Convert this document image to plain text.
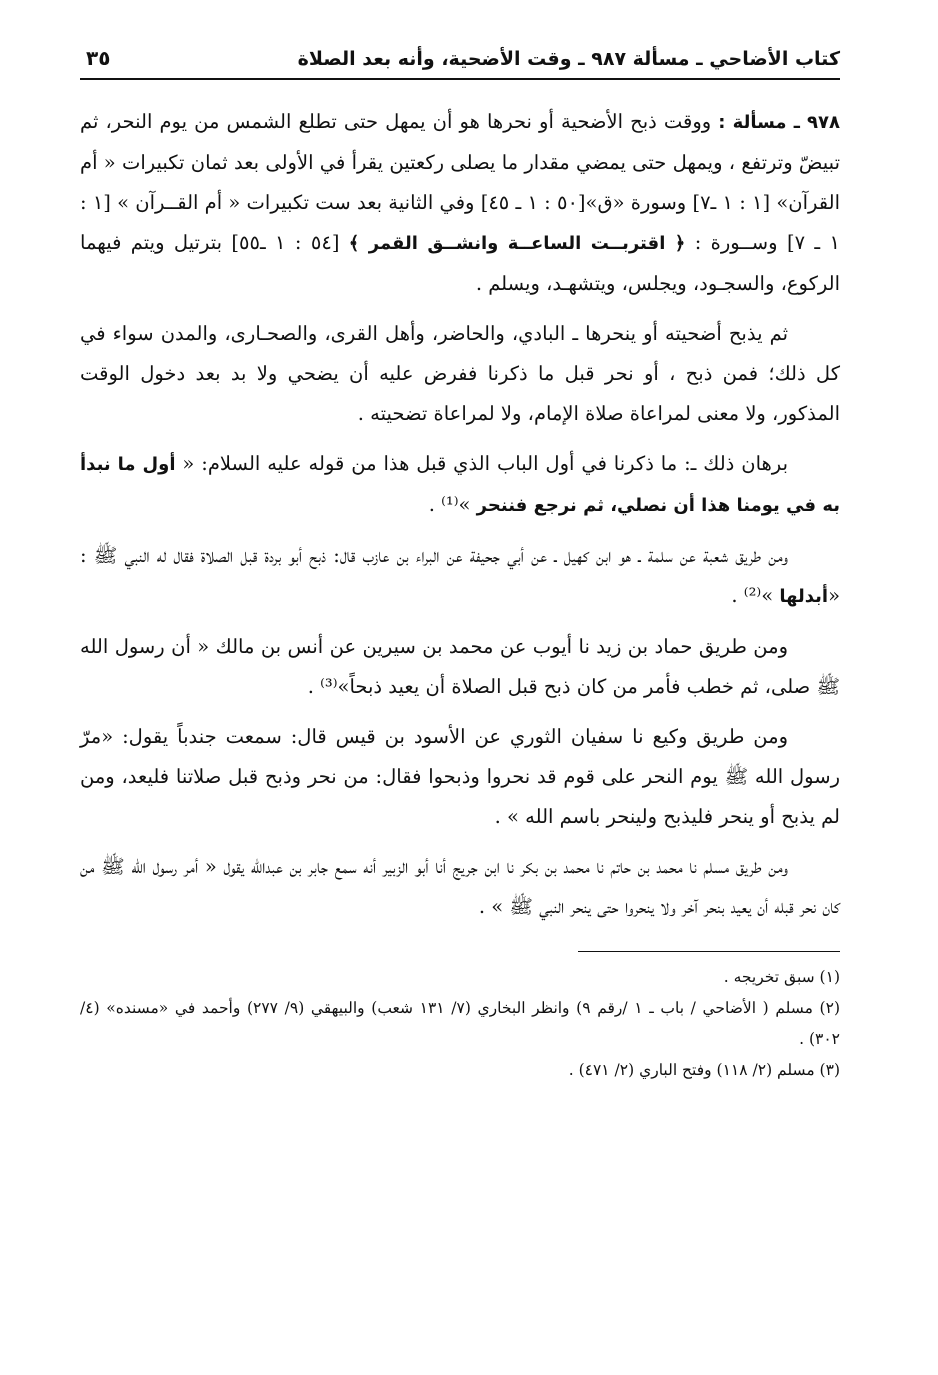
كتاب الأضاحي ـ مسألة ٩٨٧ ـ وقت الأضحية، وأنه بعد الصلاة
٣٥

٩٧٨ ـ مسألة : ووقت ذبح الأضحية أو نحرها هو أن يمهل حتى تطلع الشمس من يوم النحر، ثم تبيضّ وترتفع ، ويمهل حتى يمضي مقدار ما يصلى ركعتين يقرأ في الأولى بعد ثمان تكبيرات « أم القرآن» [١ : ١ ـ٧] وسورة «ق»[٥٠ : ١ ـ ٤٥] وفي الثانية بعد ست تكبيرات « أم القــرآن » [١ : ١ ـ ٧] وســورة : ﴿ اقتربــت الساعــة وانشــق القمر ﴾ [٥٤ : ١ ـ٥٥] بترتيل ويتم فيهما الركوع، والسجـود، ويجلس، ويتشهـد، ويسلم .

ثم يذبح أضحيته أو ينحرها ـ البادي، والحاضر، وأهل القرى، والصحـارى، والمدن سواء في كل ذلك؛ فمن ذبح ، أو نحر قبل ما ذكرنا ففرض عليه أن يضحي ولا بد بعد دخول الوقت المذكور، ولا معنى لمراعاة صلاة الإمام، ولا لمراعاة تضحيته .

برهان ذلك ـ: ما ذكرنا في أول الباب الذي قبل هذا من قوله عليه السلام: « أول ما نبدأ به في يومنا هذا أن نصلي، ثم نرجع فننحر »⁽¹⁾ .

ومن طريق شعبة عن سلمة ـ هو ابن كهيل ـ عن أبي جحيفة عن البراء بن عازب قال: ذبح أبو بردة قبل الصلاة فقال له النبي ﷺ : «أبدلها »⁽²⁾ .

ومن طريق حماد بن زيد نا أيوب عن محمد بن سيرين عن أنس بن مالك « أن رسول الله ﷺ صلى، ثم خطب فأمر من كان ذبح قبل الصلاة أن يعيد ذبحاً»⁽³⁾ .

ومن طريق وكيع نا سفيان الثوري عن الأسود بن قيس قال: سمعت جندباً يقول: «مرّ رسول الله ﷺ يوم النحر على قوم قد نحروا وذبحوا فقال: من نحر وذبح قبل صلاتنا فليعد، ومن لم يذبح أو ينحر فليذبح ولينحر باسم الله » .

ومن طريق مسلم نا محمد بن حاتم نا محمد بن بكر نا ابن جريج أنا أبو الزبير أنه سمع جابر بن عبدالله يقول « أمر رسول الله ﷺ من كان نحر قبله أن يعيد بنحر آخر ولا ينحروا حتى ينحر النبي ﷺ » .

(١) سبق تخريجه .

(٢) مسلم ( الأضاحي / باب ـ ١ /رقم ٩) وانظر البخاري (٧/ ١٣١ شعب) والبيهقي (٩/ ٢٧٧) وأحمد في «مسنده» (٤/ ٣٠٢) .

(٣) مسلم (٢/ ١١٨) وفتح الباري (٢/ ٤٧١) .
